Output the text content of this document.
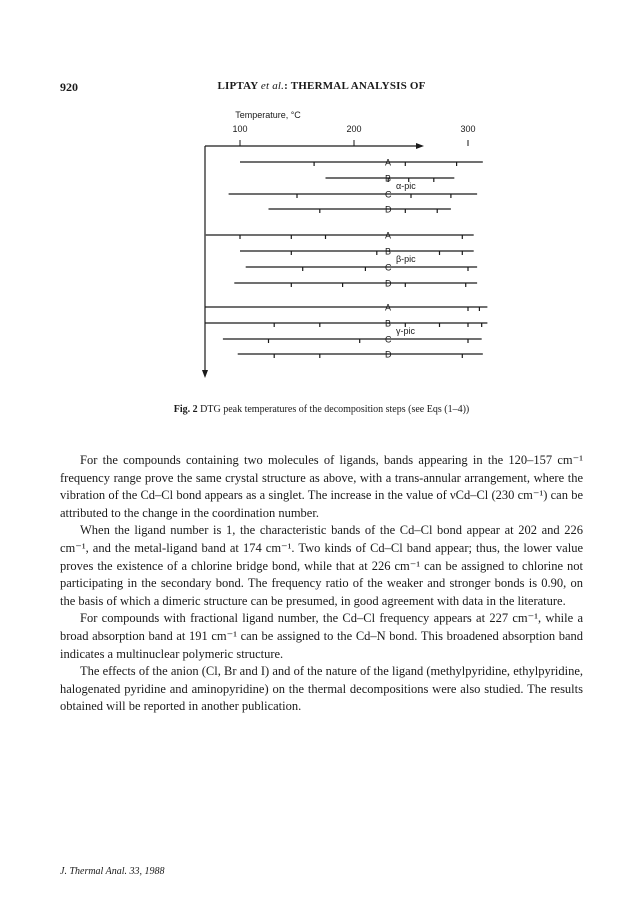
920	LIPTAY et al.: THERMAL ANALYSIS OF
Temperature, °C
100	200	300
A
B
C
D
α-pic
A
B
C
D
β-pic
A
B
C
D
γ-pic
Fig. 2 DTG peak temperatures of the decomposition steps (see Eqs (1–4))

For the compounds containing two molecules of ligands, bands appearing in the 120–157 cm⁻¹ frequency range prove the same crystal structure as above, with a trans-annular arrangement, where the vibration of the Cd–Cl bond appears as a singlet. The increase in the value of νCd–Cl (230 cm⁻¹) can be attributed to the change in the coordination number.

When the ligand number is 1, the characteristic bands of the Cd–Cl bond appear at 202 and 226 cm⁻¹, and the metal-ligand band at 174 cm⁻¹. Two kinds of Cd–Cl band appear; thus, the lower value proves the existence of a chlorine bridge bond, while that at 226 cm⁻¹ can be assigned to chlorine not participating in the secondary bond. The frequency ratio of the weaker and stronger bonds is 0.90, on the basis of which a dimeric structure can be presumed, in good agreement with data in the literature.

For compounds with fractional ligand number, the Cd–Cl frequency appears at 227 cm⁻¹, while a broad absorption band at 191 cm⁻¹ can be assigned to the Cd–N bond. This broadened absorption band indicates a multinuclear polymeric structure.

The effects of the anion (Cl, Br and I) and of the nature of the ligand (methylpyridine, ethylpyridine, halogenated pyridine and aminopyridine) on the thermal decompositions were also studied. The results obtained will be reported in another publication.

J. Thermal Anal. 33, 1988
